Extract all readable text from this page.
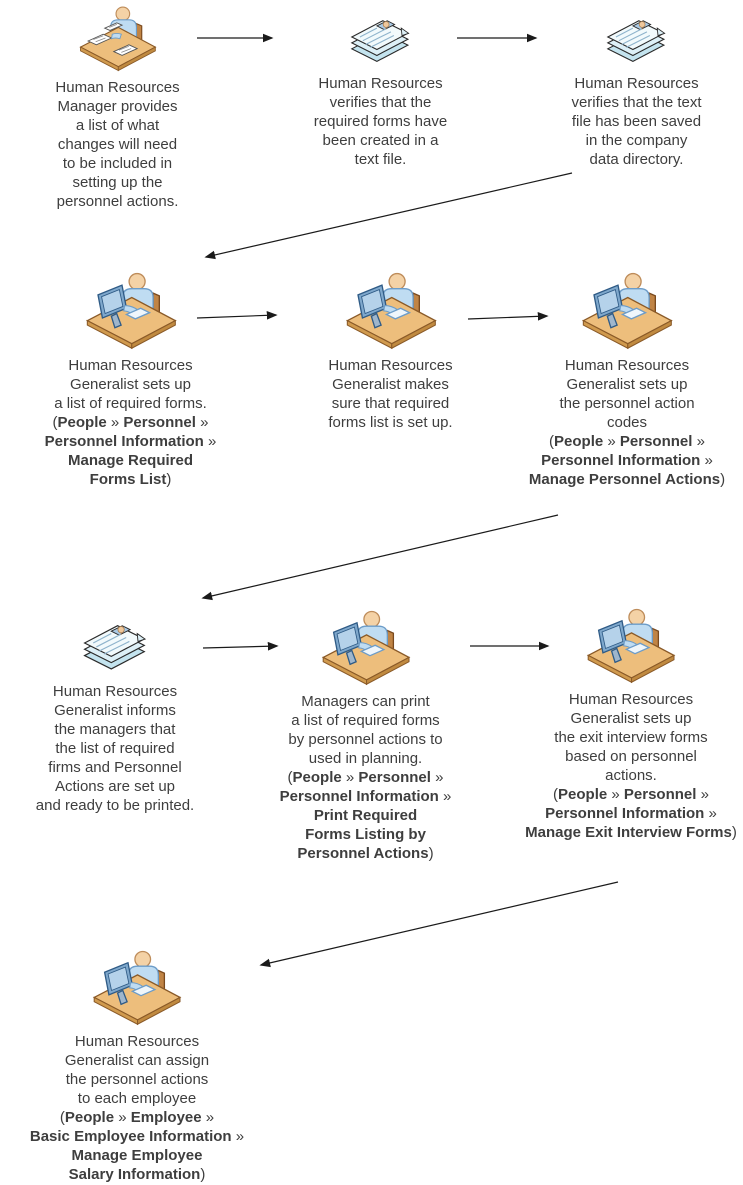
Human Resources
Manager provides
a list of what
changes will need
to be included in
setting up the
personnel actions.
Human Resources
verifies that the
required forms have
been created in a
text file.
Human Resources
verifies that the text
file has been saved
in the company
data directory.
Human Resources
Generalist sets up
a list of required forms.
(People » Personnel »
Personnel Information »
Manage Required
Forms List)
Human Resources
Generalist makes
sure that required
forms list is set up.
Human Resources
Generalist sets up
the personnel action
codes
(People » Personnel »
Personnel Information »
Manage Personnel Actions)
Human Resources
Generalist informs
the managers that
the list of required
firms and Personnel
Actions are set up
and ready to be printed.
Managers can print
a list of required forms
by personnel actions to
used in planning.
(People » Personnel »
Personnel Information »
Print Required
Forms Listing by
Personnel Actions)
Human Resources
Generalist sets up
the exit interview forms
based on personnel
actions.
(People » Personnel »
Personnel Information »
Manage Exit Interview Forms)
Human Resources
Generalist can assign
the personnel actions
to each employee
(People » Employee »
Basic Employee Information »
Manage Employee
Salary Information)
